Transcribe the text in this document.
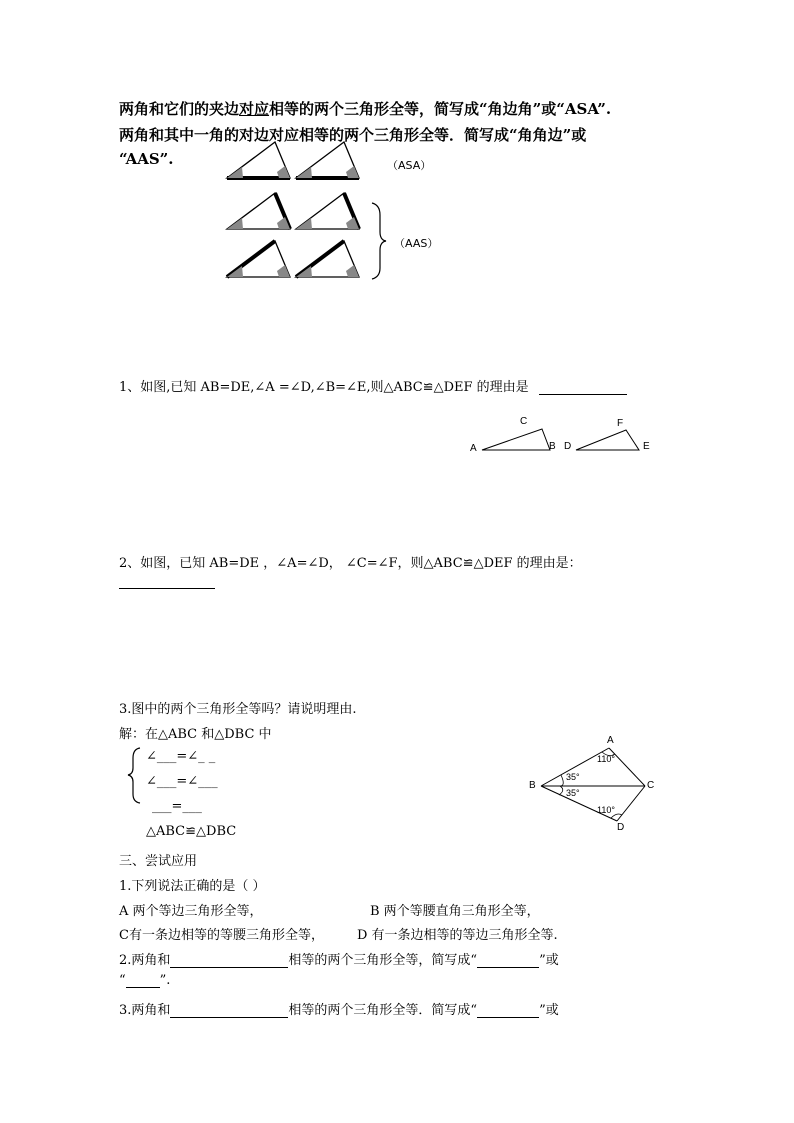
两角和它们的夹边对应相等的两个三角形全等，简写成“角边角”或“ASA”.
两角和其中一角的对边对应相等的两个三角形全等．简写成“角角边”或
“AAS”.	（ASA）
（AAS）
1、如图,已知 AB=DE,∠A =∠D,∠B=∠E,则△ABC≌△DEF 的理由是
C
A	B D
F
E
2、如图，已知 AB=DE ，∠A=∠D， ∠C=∠F，则△ABC≌△DEF 的理由是：
3.图中的两个三角形全等吗？请说明理由.
解：在△ABC 和△DBC 中
∠___=∠_ _
∠___=∠___
___=___
△ABC≌△DBC
A
B	C
D
110°
35°
35°
110°
三、尝试应用
1.下列说法正确的是（ ）
A 两个等边三角形全等，	B 两个等腰直角三角形全等，
C有一条边相等的等腰三角形全等，	D 有一条边相等的等边三角形全等.
2.两角和	相等的两个三角形全等，简写成“	”或
“	”.
3.两角和	相等的两个三角形全等．简写成“	”或
